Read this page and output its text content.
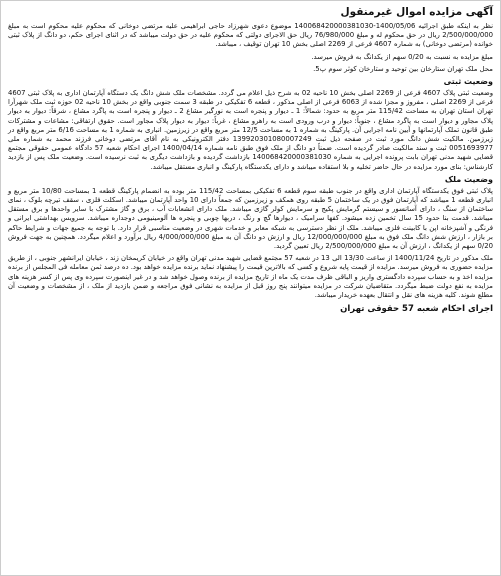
آگهی مزایده اموال غیرمنقول

نظر به اینکه طبق اجرائیه 1400/05/06-140068420000381030 موضوع دعوی شهرزاد حاجی ابراهیمی علیه مرتضی دوخانی که محکوم علیه محکوم است به مبلغ 2/500/000/000 ریال در حق محکوم له و مبلغ 76/980/000 ریال حق الاجرای دولتی که محکوم علیه در حق دولت میباشد که در اثنای اجرای حکم، دو دانگ از پلاک ثبتی خوانده (مرتضی دوخانی) به شماره 4607 فرعی از 2269 اصلی بخش 10 تهران توقیف ، میباشد.

مبلغ مزایده به نسبت به 0/20 سهم از یکدانگ به فروش میرسد.

محل ملک تهران ستارخان بین توحید و ستارخان کوثر سوم پ5.

وضعیت ثبتی

وضعیت ثبتی پلاک 4607 فرعی از 2269 اصلی بخش 10 ناحیه 02 به شرح ذیل اعلام می گردد. مشخصات ملک شش دانگ یک دستگاه آپارتمان اداری به پلاک ثبتی 4607 فرعی از 2269 اصلی ، مفروز و مجزا شده از 6063 فرعی از اصلی مذکور ، قطعه 6 تفکیکی در طبقه 3 سمت جنوبی واقع در بخش 10 ناحیه 02 حوزه ثبت ملک شهرآرا تهران استان تهران به مساحت 115/42 متر مربع به حدود: شمالاً: 1 ـ دیوار و پنجره است به نورگیر مشاع 2 ـ دیوار و پنجره است به پاگرد مشاع ، شرقاً: دیوار به دیوار پلاک مجاور و دیوار است به پاگرد مشاع ، جنوباً: دیوار و درب ورودی است به راهرو مشاع ، غرباً: دیوار به دیوار پلاک مجاور است. حقوق ارتفاقی: مشاعات و مشترکات طبق قانون تملک آپارتمانها و آیین نامه اجرایی آن. پارکینگ به شماره 1 به مساحت 12/5 متر مربع واقع در زیرزمین. انباری به شماره 1 به مساحت 6/16 متر مربع واقع در زیرزمین. مالکیت شش دانگ مورد ثبت در صفحه ذیل ثبت 139920301080007249 دفتر الکترونیکی به نام آقای مرتضی دوخانی فرزند محمد به شماره ملی 0051693977 ثبت و سند مالکیت صادر گردیده است. ضمناً دو دانگ از ملک فوق طبق نامه شماره 1400/04/14 اجرای احکام شعبه 57 دادگاه عمومی حقوقی مجتمع قضایی شهید مدنی تهران بابت پرونده اجرایی به شماره 140068420000381030 بازداشت گردیده و بازداشت دیگری به ثبت نرسیده است. وضعیت ملک پس از بازدید کارشناس: بنای مورد مزایده در حال حاضر تخلیه و بلا استفاده میباشد و دارای یکدستگاه پارکینگ و انباری مستقل میباشد.

وضعیت ملک

پلاک ثبتی فوق یکدستگاه آپارتمان اداری واقع در جنوب طبقه سوم قطعه 6 تفکیکی بمساحت 115/42 متر بوده به انضمام پارکینگ قطعه 1 بمساحت 10/80 متر مربع و انباری قطعه 1 میباشد که آپارتمان فوق در یک ساختمان 5 طبقه روی همکف و زیرزمین که جمعاً دارای 10 واحد آپارتمان میباشد. اسکلت فلزی ، سقف تیرچه بلوک ، نمای ساختمان از سنگ ، دارای آسانسور و سیستم گرمایش پکیج و سرمایش کولر گازی میباشد. ملک دارای انشعابات آب ، برق و گاز مشترک با سایر واحدها و برق مستقل میباشد. قدمت بنا حدود 15 سال تخمین زده میشود. کفها سرامیک ، دیوارها گچ و رنگ ، دربها چوبی و پنجره ها آلومینیومی دوجداره میباشد. سرویس بهداشتی ایرانی و فرنگی و آشپزخانه اپن با کابینت فلزی میباشد. ملک از نظر دسترسی به شبکه معابر و خدمات شهری در وضعیت مناسبی قرار دارد. با توجه به جمیع جهات و شرایط حاکم بر بازار ، ارزش شش دانگ ملک فوق به مبلغ 12/000/000/000 ریال و ارزش دو دانگ آن به مبلغ 4/000/000/000 ریال برآورد و اعلام میگردد. همچنین به جهت فروش 0/20 سهم از یکدانگ ، ارزش آن به مبلغ 2/500/000/000 ریال تعیین گردید.

ملک مذکور در تاریخ 1400/11/24 از ساعت 13/30 الی 13 در شعبه 57 مجتمع قضایی شهید مدنی تهران واقع در خیابان کریمخان زند ، خیابان ایرانشهر جنوبی ، از طریق مزایده حضوری به فروش میرسد. مزایده از قیمت پایه شروع و کسی که بالاترین قیمت را پیشنهاد نماید برنده مزایده خواهد بود. ده درصد ثمن معامله فی المجلس از برنده مزایده اخذ و به حساب سپرده دادگستری واریز و الباقی ظرف مدت یک ماه از تاریخ مزایده از برنده وصول خواهد شد و در غیر اینصورت سپرده وی پس از کسر هزینه های مزایده به نفع دولت ضبط میگردد. متقاضیان شرکت در مزایده میتوانند پنج روز قبل از مزایده به نشانی فوق مراجعه و ضمن بازدید از ملک ، از مشخصات و وضعیت آن مطلع شوند. کلیه هزینه های نقل و انتقال بعهده خریدار میباشد.

اجرای احکام شعبه 57 حقوقی تهران
